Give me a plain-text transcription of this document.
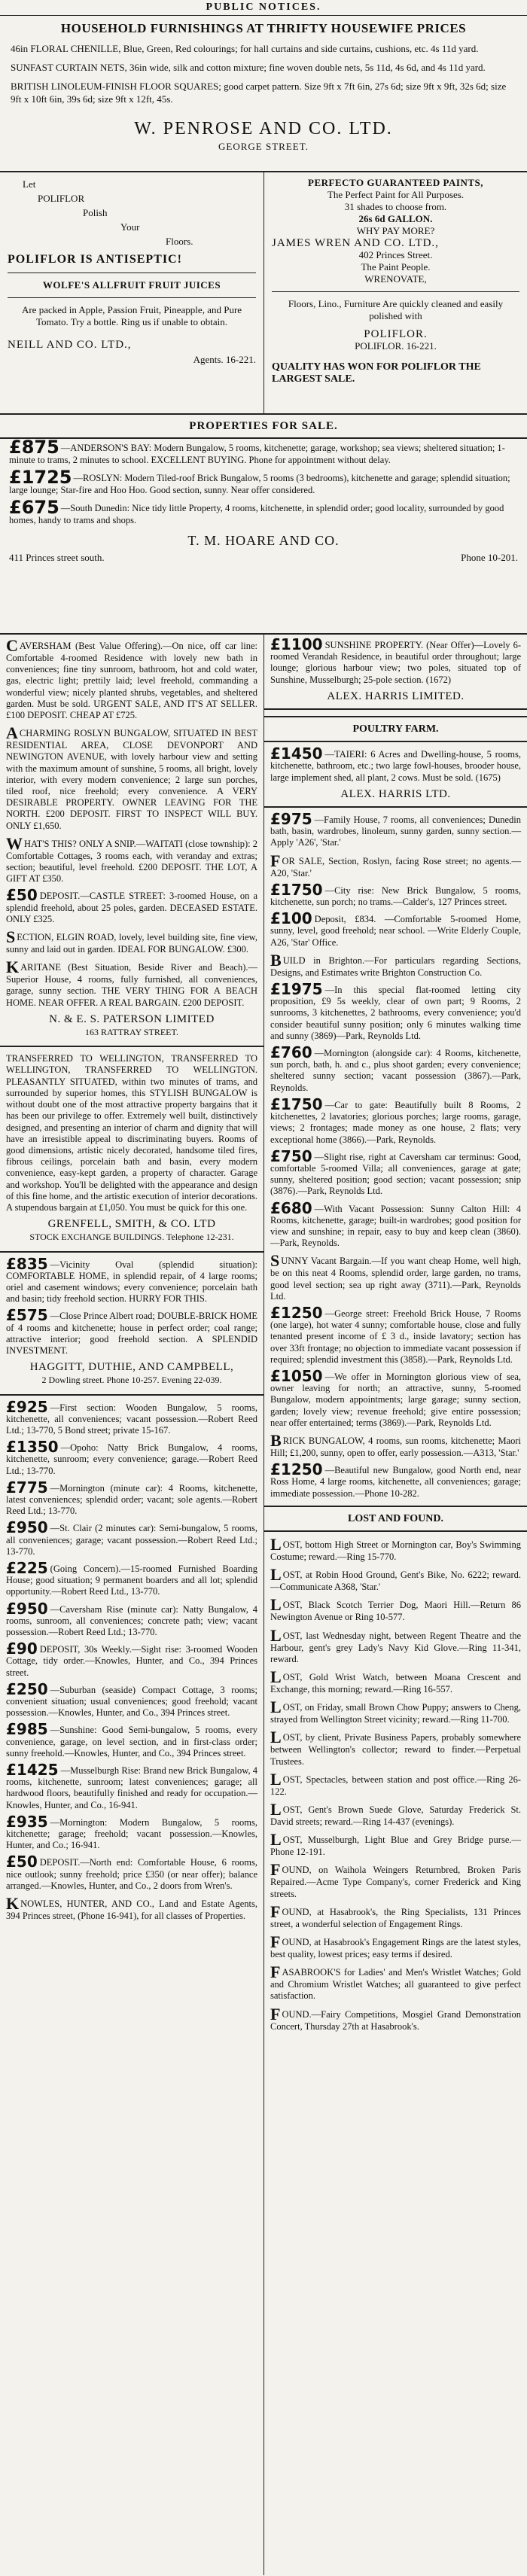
PUBLIC NOTICES.
HOUSEHOLD FURNISHINGS AT THRIFTY HOUSEWIFE PRICES
46in FLORAL CHENILLE, Blue, Green, Red colourings; for hall curtains and side curtains, cushions, etc. 4s 11d yard.
SUNFAST CURTAIN NETS, 36in wide, silk and cotton mixture; fine woven double nets, 5s 11d, 4s 6d, and 4s 11d yard.
BRITISH LINOLEUM-FINISH FLOOR SQUARES; good carpet pattern. Size 9ft x 7ft 6in, 27s 6d; size 9ft x 9ft, 32s 6d; size 9ft x 10ft 6in, 39s 6d; size 9ft x 12ft, 45s.
W. PENROSE AND CO. LTD.
GEORGE STREET.
Let
POLIFLOR
Polish
Your
Floors.
POLIFLOR IS ANTISEPTIC!
WOLFE'S ALLFRUIT FRUIT JUICES
Are packed in Apple, Passion Fruit, Pineapple, and Pure Tomato. Try a bottle. Ring us if unable to obtain.
NEILL AND CO. LTD.,
Agents. 16-221.
PERFECTO GUARANTEED PAINTS,
The Perfect Paint for All Purposes.
31 shades to choose from.
26s 6d GALLON.
WHY PAY MORE?
JAMES WREN AND CO. LTD.,
402 Princes Street.
The Paint People.
WRENOVATE,
Floors, Lino., Furniture Are quickly cleaned and easily polished with
POLIFLOR.
POLIFLOR. 16-221.
QUALITY HAS WON FOR POLIFLOR THE LARGEST SALE.
PROPERTIES FOR SALE.

£875 —ANDERSON'S BAY: Modern Bungalow, 5 rooms, kitchenette; garage, workshop; sea views; sheltered situation; 1-minute to trams, 2 minutes to school. EXCELLENT BUYING. Phone for appointment without delay.

£1725 —ROSLYN: Modern Tiled-roof Brick Bungalow, 5 rooms (3 bedrooms), kitchenette and garage; splendid situation; large lounge; Star-fire and Hoo Hoo. Good section, sunny. Near offer considered.

£675 —South Dunedin: Nice tidy little Property, 4 rooms, kitchenette, in splendid order; good locality, surrounded by good homes, handy to trams and shops.

T. M. HOARE AND CO.
411 Princes street south.	Phone 10-201.

CAVERSHAM (Best Value Offering).—On nice, off car line: Comfortable 4-roomed Residence with lovely new bath in conveniences; fine tiny sunroom, bathroom, hot and cold water, gas, electric light; prettily laid; level freehold, commanding a wonderful view; nicely planted shrubs, vegetables, and sheltered garden. Must be sold. URGENT SALE, AND IT'S AT SELLER. £100 DEPOSIT. CHEAP AT £725.

ACHARMING ROSLYN BUNGALOW, SITUATED IN BEST RESIDENTIAL AREA, CLOSE DEVONPORT AND NEWINGTON AVENUE, with lovely harbour view and setting with the maximum amount of sunshine, 5 rooms, all bright, lovely interior, with every modern convenience; 2 large sun porches, tiled roof, nice freehold; every convenience. A VERY DESIRABLE PROPERTY. OWNER LEAVING FOR THE NORTH. £200 DEPOSIT. FIRST TO INSPECT WILL BUY. ONLY £1,650.

WHAT'S THIS? ONLY A SNIP.—WAITATI (close township): 2 Comfortable Cottages, 3 rooms each, with veranday and extras; section; beautiful, level freehold. £200 DEPOSIT. THE LOT, A GIFT AT £350.

£50 DEPOSIT.—CASTLE STREET: 3-roomed House, on a splendid freehold, about 25 poles, garden. DECEASED ESTATE. ONLY £325.

SECTION, ELGIN ROAD, lovely, level building site, fine view, sunny and laid out in garden. IDEAL FOR BUNGALOW. £300.

KARITANE (Best Situation, Beside River and Beach).—Superior House, 4 rooms, fully furnished, all conveniences, garage, sunny section. THE VERY THING FOR A BEACH HOME. NEAR OFFER. A REAL BARGAIN. £200 DEPOSIT.

N. & E. S. PATERSON LIMITED
163 RATTRAY STREET.

TRANSFERRED TO WELLINGTON, TRANSFERRED TO WELLINGTON, TRANSFERRED TO WELLINGTON. PLEASANTLY SITUATED, within two minutes of trams, and surrounded by superior homes, this STYLISH BUNGALOW is without doubt one of the most attractive property bargains that it has been our privilege to offer. Extremely well built, distinctively designed, and presenting an interior of charm and dignity that will have an irresistible appeal to discriminating buyers. Rooms of good dimensions, artistic nicely decorated, handsome tiled fires, fibrous ceilings, porcelain bath and basin, every modern convenience, easy-kept garden, a property of character. Garage and workshop. You'll be delighted with the appearance and design of this fine home, and the artistic execution of interior decorations. A stupendous bargain at £1,050. You must be quick for this one.

GRENFELL, SMITH, & CO. LTD
STOCK EXCHANGE BUILDINGS. Telephone 12-231.

£835 —Vicinity Oval (splendid situation): COMFORTABLE HOME, in splendid repair, of 4 large rooms; oriel and casement windows; every convenience; porcelain bath and basin; tidy freehold section. HURRY FOR THIS.

£575 —Close Prince Albert road; DOUBLE-BRICK HOME of 4 rooms and kitchenette; house in perfect order; coal range; attractive interior; good freehold section. A SPLENDID INVESTMENT.

HAGGITT, DUTHIE, AND CAMPBELL,
2 Dowling street. Phone 10-257. Evening 22-039.

£925 —First section: Wooden Bungalow, 5 rooms, kitchenette, all conveniences; vacant possession.—Robert Reed Ltd.; 13-770, 5 Bond street; private 15-167.

£1350 —Opoho: Natty Brick Bungalow, 4 rooms, kitchenette, sunroom; every convenience; garage.—Robert Reed Ltd.; 13-770.

£775 —Mornington (minute car): 4 Rooms, kitchenette, latest conveniences; splendid order; vacant; sole agents.—Robert Reed Ltd.; 13-770.

£950 —St. Clair (2 minutes car): Semi-bungalow, 5 rooms, all conveniences; garage; vacant possession.—Robert Reed Ltd.; 13-770.

£225 (Going Concern).—15-roomed Furnished Boarding House; good situation; 9 permanent boarders and all lot; splendid opportunity.—Robert Reed Ltd., 13-770.

£950 —Caversham Rise (minute car): Natty Bungalow, 4 rooms, sunroom, all conveniences; concrete path; view; vacant possession.—Robert Reed Ltd.; 13-770.

£90 DEPOSIT, 30s Weekly.—Sight rise: 3-roomed Wooden Cottage, tidy order.—Knowles, Hunter, and Co., 394 Princes street.

£250 —Suburban (seaside) Compact Cottage, 3 rooms; convenient situation; usual conveniences; good freehold; vacant possession.—Knowles, Hunter, and Co., 394 Princes street.

£985 —Sunshine: Good Semi-bungalow, 5 rooms, every convenience, garage, on level section, and in first-class order; sunny freehold.—Knowles, Hunter, and Co., 394 Princes street.

£1425 —Musselburgh Rise: Brand new Brick Bungalow, 4 rooms, kitchenette, sunroom; latest conveniences; garage; all hardwood floors, beautifully finished and ready for occupation.—Knowles, Hunter, and Co., 16-941.

£935 —Mornington: Modern Bungalow, 5 rooms, kitchenette; garage; freehold; vacant possession.—Knowles, Hunter, and Co.; 16-941.

£50 DEPOSIT.—North end: Comfortable House, 6 rooms, nice outlook; sunny freehold; price £350 (or near offer); balance arranged.—Knowles, Hunter, and Co., 2 doors from Wren's.

KNOWLES, HUNTER, AND CO., Land and Estate Agents, 394 Princes street, (Phone 16-941), for all classes of Properties.

£1100 SUNSHINE PROPERTY. (Near Offer)—Lovely 6-roomed Verandah Residence, in beautiful order throughout; large lounge; glorious harbour view; two poles, situated top of Sunshine, Musselburgh; 25-pole section. (1672)

ALEX. HARRIS LIMITED.
POULTRY FARM.

£1450 —TAIERI: 6 Acres and Dwelling-house, 5 rooms, kitchenette, bathroom, etc.; two large fowl-houses, brooder house, large implement shed, all plant, 2 cows. Must be sold. (1675)

ALEX. HARRIS LTD.

£975 —Family House, 7 rooms, all conveniences; Dunedin bath, basin, wardrobes, linoleum, sunny garden, sunny section.—Apply 'A26', 'Star.'

FOR SALE, Section, Roslyn, facing Rose street; no agents.—A20, 'Star.'

£1750 —City rise: New Brick Bungalow, 5 rooms, kitchenette, sun porch; no trams.—Calder's, 127 Princes street.

£100 Deposit, £834. —Comfortable 5-roomed Home, sunny, level, good freehold; near school. —Write Elderly Couple, A26, 'Star' Office.

BUILD in Brighton.—For particulars regarding Sections, Designs, and Estimates write Brighton Construction Co.

£1975 —In this special flat-roomed letting city proposition, £9 5s weekly, clear of own part; 9 Rooms, 2 sunrooms, 3 kitchenettes, 2 bathrooms, every convenience; you'd consider beautiful sunny position; only 6 minutes walking time and sunny (3869)—Park, Reynolds Ltd.

£760 —Mornington (alongside car): 4 Rooms, kitchenette, sun porch, bath, h. and c., plus shoot garden; every convenience; sheltered sunny section; vacant possession (3867).—Park, Reynolds.

£1750 —Car to gate: Beautifully built 8 Rooms, 2 kitchenettes, 2 lavatories; glorious porches; large rooms, garage, views; 2 frontages; made money as one house, 2 flats; very exceptional home (3866).—Park, Reynolds.

£750 —Slight rise, right at Caversham car terminus: Good, comfortable 5-roomed Villa; all conveniences, garage at gate; sunny, sheltered position; good section; vacant possession; snip (3876).—Park, Reynolds Ltd.

£680 —With Vacant Possession: Sunny Calton Hill: 4 Rooms, kitchenette, garage; built-in wardrobes; good position for view and sunshine; in repair, easy to buy and keep clean (3860).—Park, Reynolds.

SUNNY Vacant Bargain.—If you want cheap Home, well high, be on this neat 4 Rooms, splendid order, large garden, no trams, good level section; sea up right away (3711).—Park, Reynolds Ltd.

£1250 —George street: Freehold Brick House, 7 Rooms (one large), hot water 4 sunny; comfortable house, close and fully tenanted present income of £ 3 d., inside lavatory; section has over 33ft frontage; no objection to immediate vacant possession if required; splendid investment this (3858).—Park, Reynolds Ltd.

£1050 —We offer in Mornington glorious view of sea, owner leaving for north; an attractive, sunny, 5-roomed Bungalow, modern appointments; large garage; sunny section, garden; lovely view; revenue freehold; give entire possession; near offer entertained; terms (3869).—Park, Reynolds Ltd.

BRICK BUNGALOW, 4 rooms, sun rooms, kitchenette; Maori Hill; £1,200, sunny, open to offer, early possession.—A313, 'Star.'

£1250 —Beautiful new Bungalow, good North end, near Ross Home, 4 large rooms, kitchenette, all conveniences; garage; immediate possession.—Phone 10-282.

LOST AND FOUND.

LOST, bottom High Street or Mornington car, Boy's Swimming Costume; reward.—Ring 15-770.

LOST, at Robin Hood Ground, Gent's Bike, No. 6222; reward.—Communicate A368, 'Star.'

LOST, Black Scotch Terrier Dog, Maori Hill.—Return 86 Newington Avenue or Ring 10-577.

LOST, last Wednesday night, between Regent Theatre and the Harbour, gent's grey Lady's Navy Kid Glove.—Ring 11-341, reward.

LOST, Gold Wrist Watch, between Moana Crescent and Exchange, this morning; reward.—Ring 16-557.

LOST, on Friday, small Brown Chow Puppy; answers to Cheng, strayed from Wellington Street vicinity; reward.—Ring 11-700.

LOST, by client, Private Business Papers, probably somewhere between Wellington's collector; reward to finder.—Perpetual Trustees.

LOST, Spectacles, between station and post office.—Ring 26-122.

LOST, Gent's Brown Suede Glove, Saturday Frederick St. David streets; reward.—Ring 14-437 (evenings).

LOST, Musselburgh, Light Blue and Grey Bridge purse.—Phone 12-191.

FOUND, on Waihola Weingers Returnbred, Broken Paris Repaired.—Acme Type Company's, corner Frederick and King streets.

FOUND, at Hasabrook's, the Ring Specialists, 131 Princes street, a wonderful selection of Engagement Rings.

FOUND, at Hasabrook's Engagement Rings are the latest styles, best quality, lowest prices; easy terms if desired.

FASABROOK'S for Ladies' and Men's Wristlet Watches; Gold and Chromium Wristlet Watches; all guaranteed to give perfect satisfaction.

FOUND.—Fairy Competitions, Mosgiel Grand Demonstration Concert, Thursday 27th at Hasabrook's.
